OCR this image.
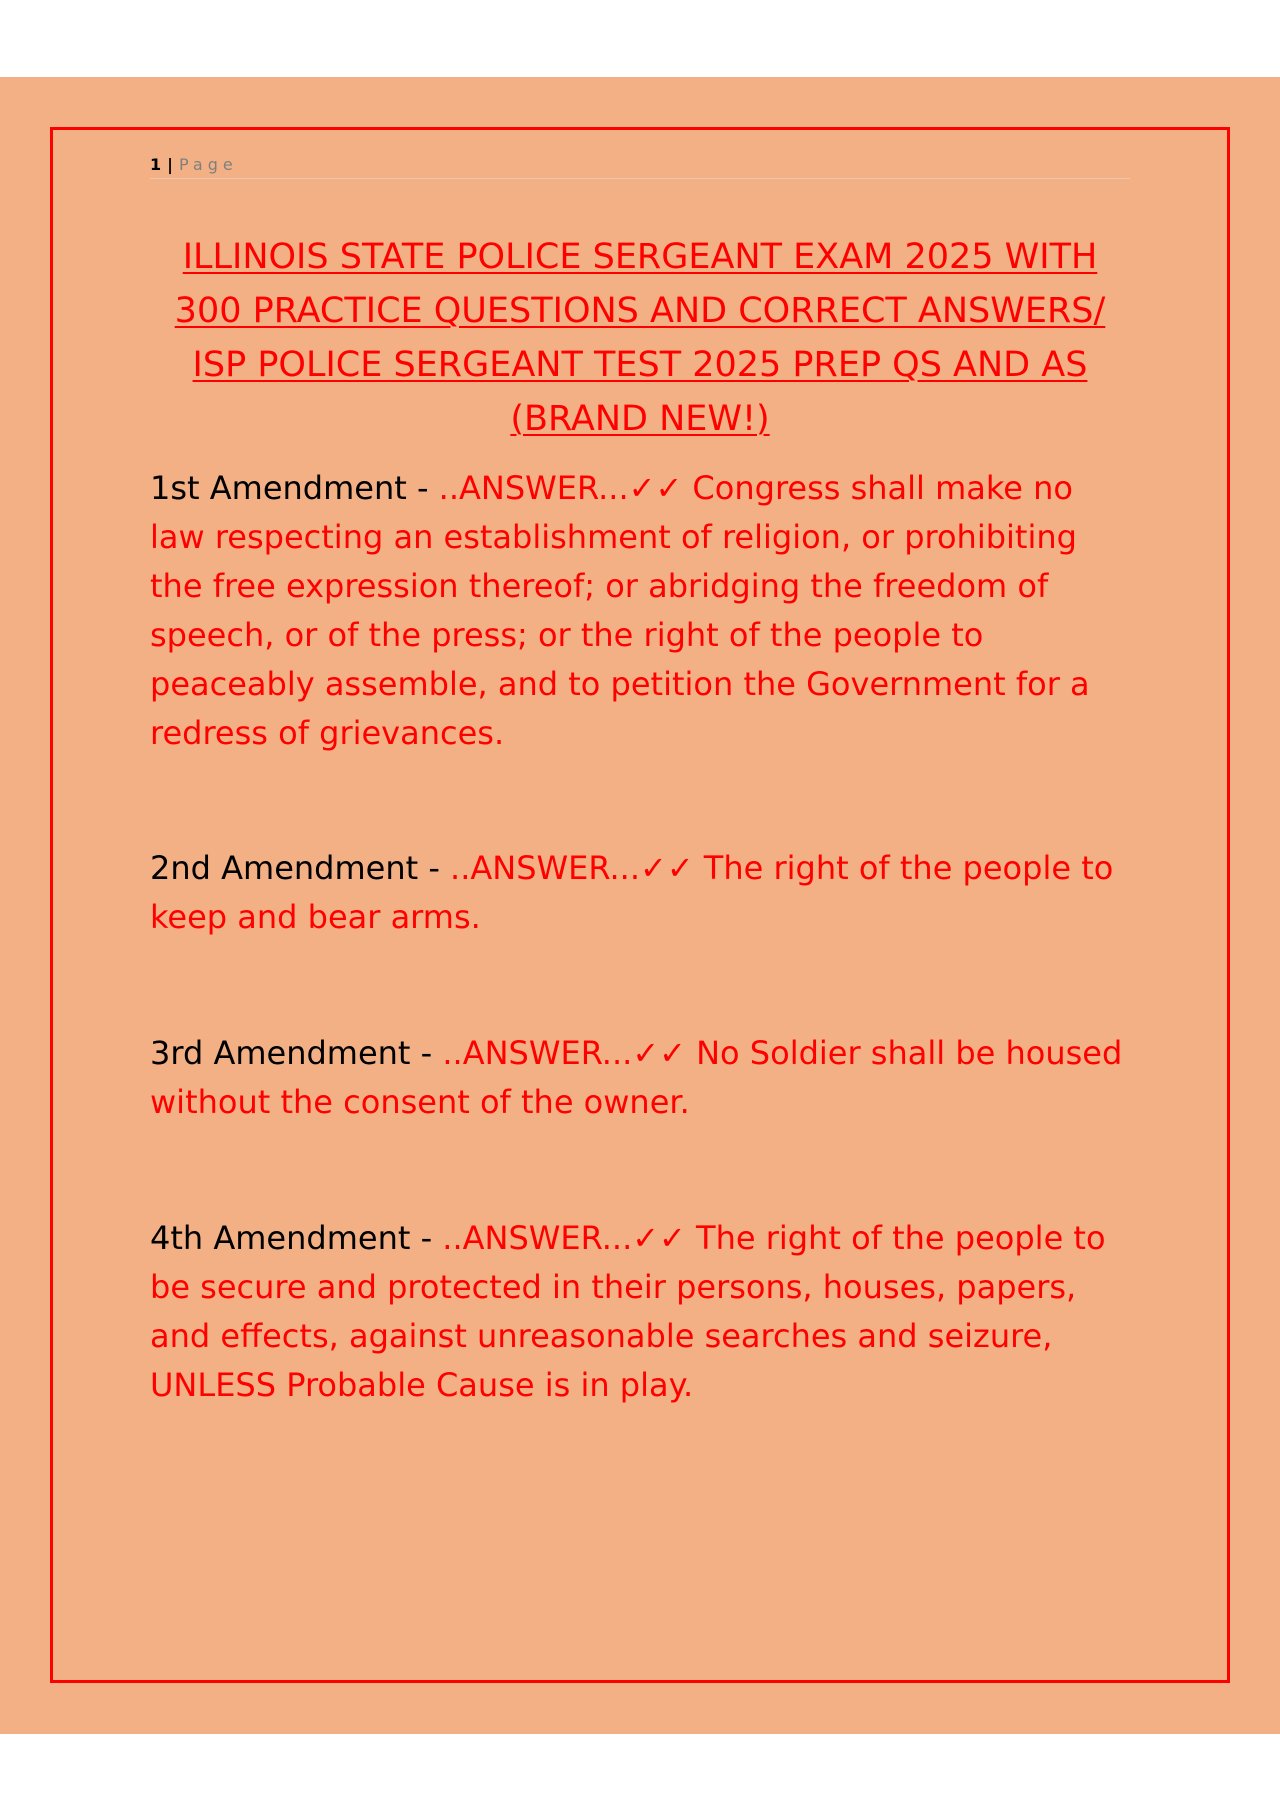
1 | Page
ILLINOIS STATE POLICE SERGEANT EXAM 2025 WITH 300 PRACTICE QUESTIONS AND CORRECT ANSWERS/ ISP POLICE SERGEANT TEST 2025 PREP QS AND AS (BRAND NEW!)

1st Amendment - ..ANSWER...✓✓ Congress shall make no law respecting an establishment of religion, or prohibiting the free expression thereof; or abridging the freedom of speech, or of the press; or the right of the people to peaceably assemble, and to petition the Government for a redress of grievances.

2nd Amendment - ..ANSWER...✓✓ The right of the people to keep and bear arms.

3rd Amendment - ..ANSWER...✓✓ No Soldier shall be housed without the consent of the owner.

4th Amendment - ..ANSWER...✓✓ The right of the people to be secure and protected in their persons, houses, papers, and effects, against unreasonable searches and seizure, UNLESS Probable Cause is in play.
